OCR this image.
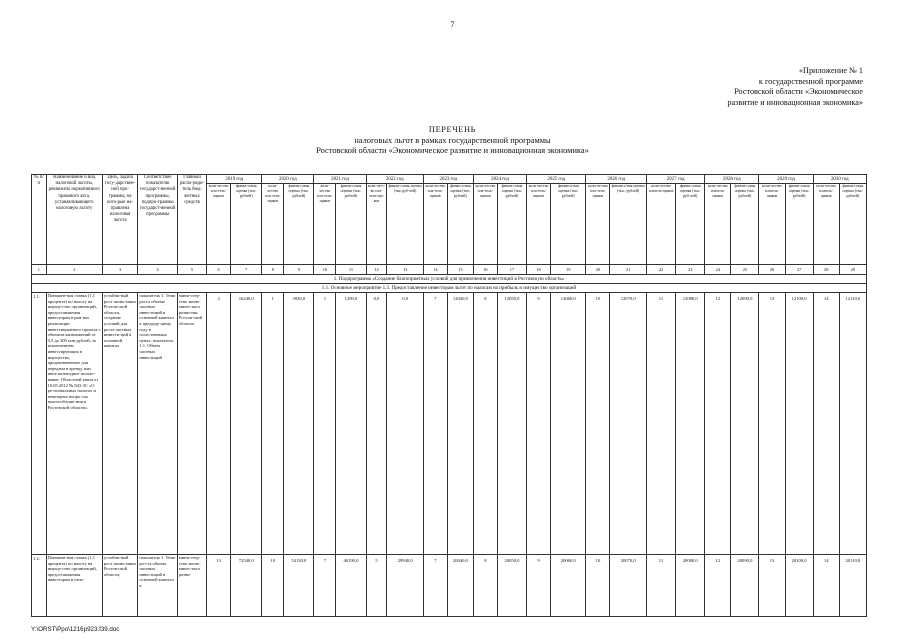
7
«Приложение № 1
к государственной программе
Ростовской области «Экономическое
развитие и инновационная экономика»
ПЕРЕЧЕНЬ
налоговых льгот в рамках государственной программы
Ростовской области «Экономическое развитие и инновационная экономика»
№ п/п	Наименование и вид налоговой льготы, реквизиты нормативного правового акта, устанавливающего налоговую льготу	Цель, задача госу-дарствен-ной про-граммы, на кото-рые на-правлена налоговая льгота	Соответствие показателю государст-венной программы, подпро-граммы государст-венной программы	Главный распо-ряди-тель бюд-жетных средств	2019 год		2020 год		2021 год		2022 год		2023 год		2024 год		2025 год		2026 год		2027 год		2028 год		2029 год		2030 год	
					коли-чество пла-тель-щиков	финан-совая оценка (тыс. рублей)	коли-чество пла-тель-щиков	финан-совая оценка (тыс. рублей)	коли-чество пла-тель-щиков	финан-совая оценка (тыс. рублей)	коли-чест-во пла-тель-щи-ков	финан-совая оценка (тыс.руб-лей)	коли-чество пла-тель-щиков	финан-совая оценка (тыс. рублей)	коли-чество пла-тель-щиков	финан-совая оценка (тыс. рублей)	коли-чество пла-тель-щиков	финансо-вая оценка (тыс. рублей)	коли-чество пла-тель-щиков	финансо-вая оценка (тыс. рублей)	коли-чество платель-щиков	финан-совая оценка (тыс. руб-лей)	коли-чество платель-щиков	финан-совая оценка (тыс. рублей)	коли-чество платель-щиков	финан-совая оценка (тыс. рублей)	коли-чество платель-щиков	финан-совая оценка (тыс. рублей)
1	2	3	4	5	6	7	8	9	10	11	12	13	14	15	16	17	18	19	20	21	22	23	24	25	26	27	28	29
1. Подпрограмма «Создание благоприятных условий для привлечения инвестиций в Ростовскую область»																												
1.1. Основное мероприятие 1.3. Предоставление инвесторам льгот по налогам на прибыль и имущество организаций																												
1.1.	Понижен-ная ставка (1,1 процента) по налогу на имуще-ство организаций, предоставляемая инвесторам в рам-ках реализации инвестиционного проекта с объемом капвложений от 0,5 до 300 млн рублей, за исключением инвестирующих в имущество, предназначенное для передачи в аренду или иное возмездное пользо-вание. Областной закон от 10.05.2012 № 843-ЗС «О ре-гиональных налогах и некоторых вопро-сах налогообложе-ния в Ростовской области»	устойчи-вый рост эконо-мики Ростов-ской области, создание условий для роста частных инвести-ций в основной капитал	показатель 1. Темп роста объема частных инвестиций в основной капитал к предыду-щему году в сопоставимых ценах; показатель 1.1. Объем частных инвестиций	мини-стер-ство эконо-мичес-кого разви-тия Ростов-ской области	2	16240,0	1	3930,0	1	1290,0	0,0	0,0	7	12040,0	8	12050,0	9	12060,0	10	12070,0	11	12080,0	12	12090,0	13	12100,0	14	12110,0
1.2.	Понижен-ная ставка (1,1 процента) по налогу на имуще-ство организаций, предоставляемая инвесторам в отно-	устойчи-вый рост эконо-мики Ростов-ской области,	показатель 1. Темп ро-ста объема частных инвестиций в основной капитал к	мини-стер-ство эконо-мичес-кого разви-	13	72540,0	10	54130,0	7	46190,0	5	29940,0	7	20040,0	8	20050,0	9	20060,0	10	20070,0	11	20080,0	12	20090,0	13	20100,0	14	20110,0
Y:\ORST\Ppo\1216p923.f39.doc
